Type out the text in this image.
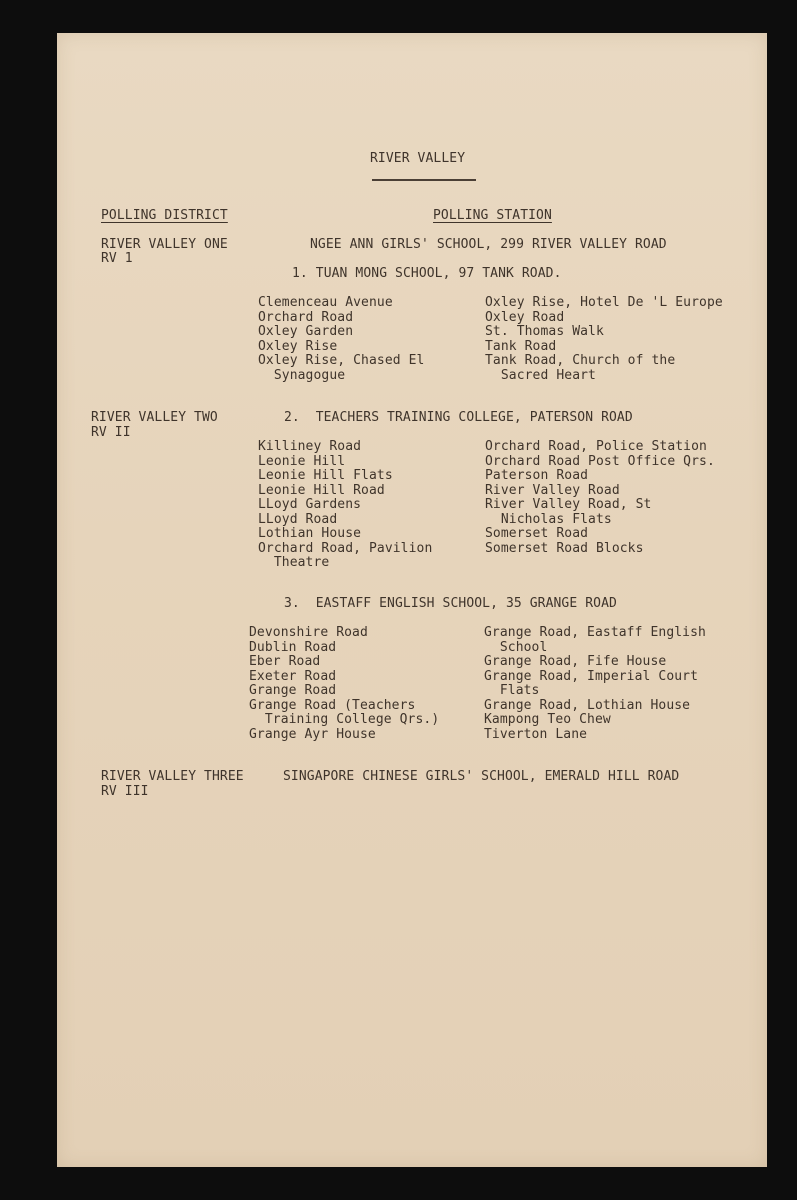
RIVER VALLEY
POLLING DISTRICT	POLLING STATION
RIVER VALLEY ONE
RV 1
NGEE ANN GIRLS' SCHOOL, 299 RIVER VALLEY ROAD
1. TUAN MONG SCHOOL, 97 TANK ROAD.
Clemenceau Avenue
Orchard Road
Oxley Garden
Oxley Rise
Oxley Rise, Chased El
Synagogue
Oxley Rise, Hotel De 'L Europe
Oxley Road
St. Thomas Walk
Tank Road
Tank Road, Church of the
Sacred Heart
RIVER VALLEY TWO
RV II
2.  TEACHERS TRAINING COLLEGE, PATERSON ROAD
Killiney Road
Leonie Hill
Leonie Hill Flats
Leonie Hill Road
LLoyd Gardens
LLoyd Road
Lothian House
Orchard Road, Pavilion
Theatre
Orchard Road, Police Station
Orchard Road Post Office Qrs.
Paterson Road
River Valley Road
River Valley Road, St
Nicholas Flats
Somerset Road
Somerset Road Blocks
3.  EASTAFF ENGLISH SCHOOL, 35 GRANGE ROAD
Devonshire Road
Dublin Road
Eber Road
Exeter Road
Grange Road
Grange Road (Teachers
Training College Qrs.)
Grange Ayr House
Grange Road, Eastaff English
School
Grange Road, Fife House
Grange Road, Imperial Court
Flats
Grange Road, Lothian House
Kampong Teo Chew
Tiverton Lane
RIVER VALLEY THREE
RV III
SINGAPORE CHINESE GIRLS' SCHOOL, EMERALD HILL ROAD
